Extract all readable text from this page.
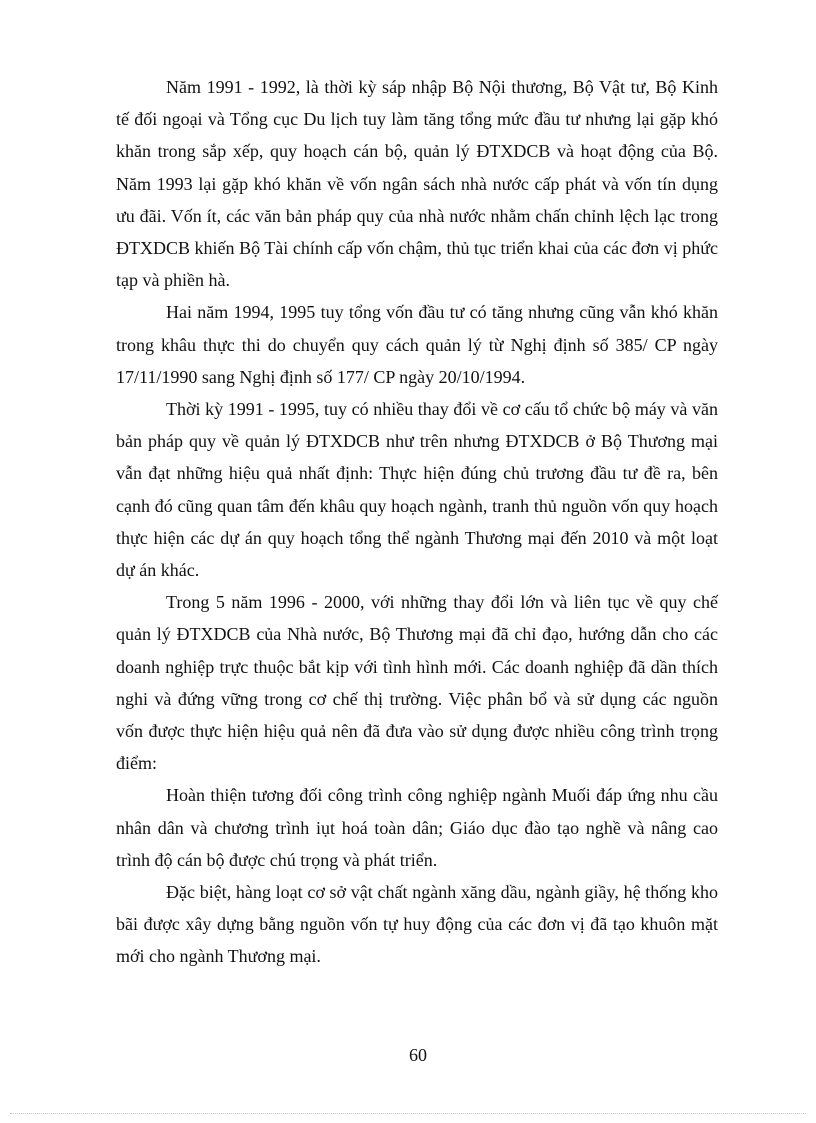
Năm 1991 - 1992, là thời kỳ sáp nhập Bộ Nội thương, Bộ Vật tư, Bộ Kinh tế đối ngoại và Tổng cục Du lịch tuy làm tăng tổng mức đầu tư nhưng lại gặp khó khăn trong sắp xếp, quy hoạch cán bộ, quản lý ĐTXDCB và hoạt động của Bộ. Năm 1993 lại gặp khó khăn về vốn ngân sách nhà nước cấp phát và vốn tín dụng ưu đãi. Vốn ít, các văn bản pháp quy của nhà nước nhằm chấn chỉnh lệch lạc trong ĐTXDCB khiến Bộ Tài chính cấp vốn chậm, thủ tục triển khai của các đơn vị phức tạp và phiền hà.

Hai năm 1994, 1995 tuy tổng vốn đầu tư có tăng nhưng cũng vẫn khó khăn trong khâu thực thi do chuyển quy cách quản lý từ Nghị định số 385/ CP ngày 17/11/1990 sang Nghị định số 177/ CP ngày 20/10/1994.

Thời kỳ 1991 - 1995, tuy có nhiều thay đổi về cơ cấu tổ chức bộ máy và văn bản pháp quy về quản lý ĐTXDCB như trên nhưng ĐTXDCB ở Bộ Thương mại vẫn đạt những hiệu quả nhất định: Thực hiện đúng chủ trương đầu tư đề ra, bên cạnh đó cũng quan tâm đến khâu quy hoạch ngành, tranh thủ nguồn vốn quy hoạch thực hiện các dự án quy hoạch tổng thể ngành Thương mại đến 2010 và một loạt dự án khác.

Trong 5 năm 1996 - 2000, với những thay đổi lớn và liên tục về quy chế quản lý ĐTXDCB của Nhà nước, Bộ Thương mại đã chỉ đạo, hướng dẫn cho các doanh nghiệp trực thuộc bắt kịp với tình hình mới. Các doanh nghiệp đã dần thích nghi và đứng vững trong cơ chế thị trường. Việc phân bổ và sử dụng các nguồn vốn được thực hiện hiệu quả nên đã đưa vào sử dụng được nhiều công trình trọng điểm:

Hoàn thiện tương đối công trình công nghiệp ngành Muối đáp ứng nhu cầu nhân dân và chương trình iụt hoá toàn dân; Giáo dục đào tạo nghề và nâng cao trình độ cán bộ được chú trọng và phát triển.

Đặc biệt, hàng loạt cơ sở vật chất ngành xăng dầu, ngành giầy, hệ thống kho bãi được xây dựng bằng nguồn vốn tự huy động của các đơn vị đã tạo khuôn mặt mới cho ngành Thương mại.

60
